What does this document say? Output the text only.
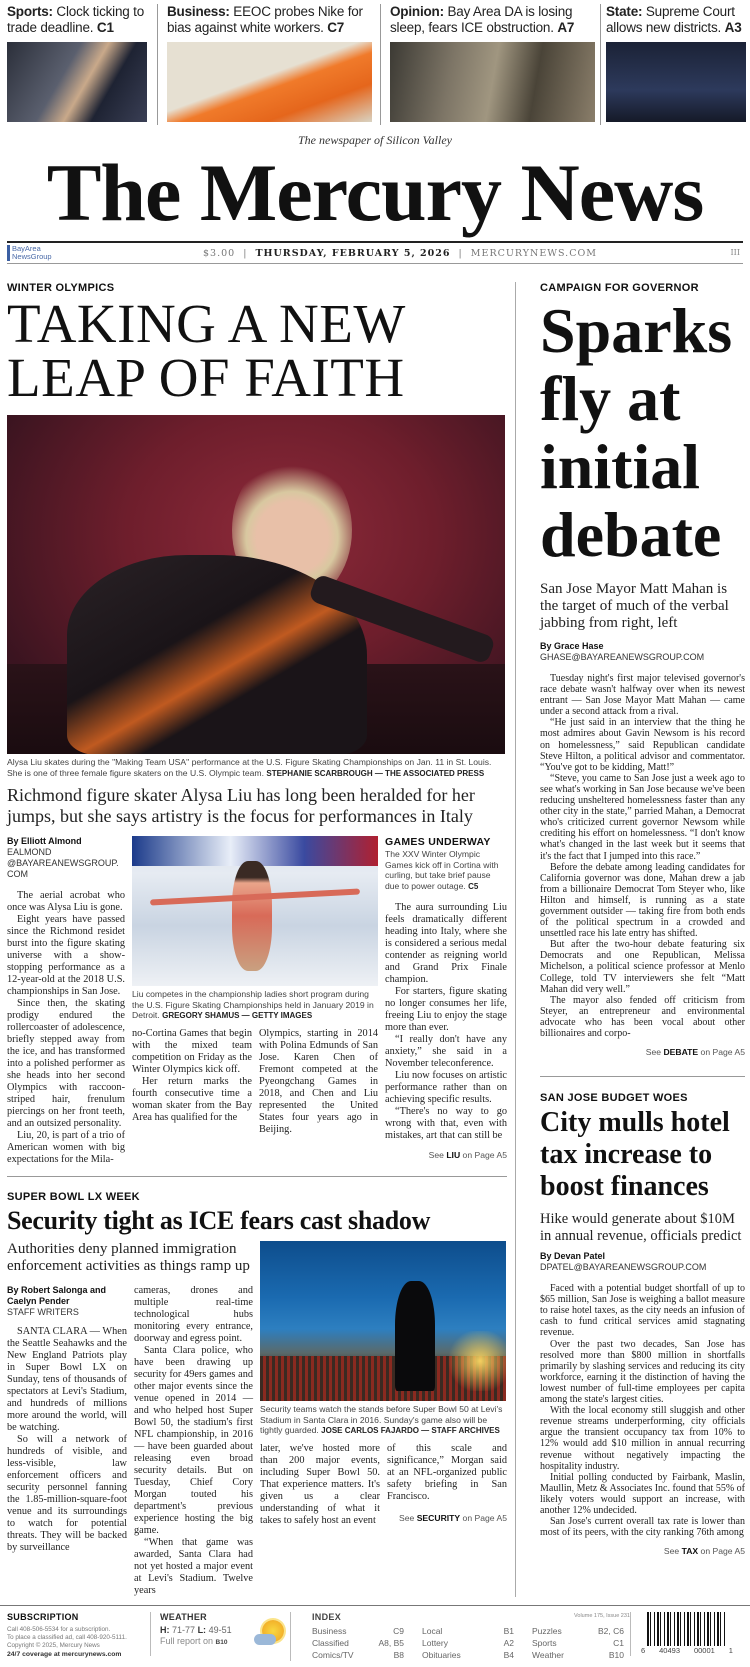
Sports: Clock ticking to trade deadline. C1
Business: EEOC probes Nike for bias against white workers. C7
Opinion: Bay Area DA is losing sleep, fears ICE obstruction. A7
State: Supreme Court allows new districts. A3
The newspaper of Silicon Valley
The Mercury News
BayArea NewsGroup	$3.00  |  THURSDAY, FEBRUARY 5, 2026  |  MERCURYNEWS.COM	III
WINTER OLYMPICS
TAKING A NEW LEAP OF FAITH
Alysa Liu skates during the "Making Team USA" performance at the U.S. Figure Skating Championships on Jan. 11 in St. Louis. She is one of three female figure skaters on the U.S. Olympic team. STEPHANIE SCARBROUGH — THE ASSOCIATED PRESS
Richmond figure skater Alysa Liu has long been heralded for her jumps, but she says artistry is the focus for performances in Italy
By Elliott Almond
EALMOND @BAYAREANEWSGROUP. COM

The aerial acrobat who once was Alysa Liu is gone.

Eight years have passed since the Richmond residet burst into the figure skating universe with a show-stopping performance as a 12-year-old at the 2018 U.S. championships in San Jose.

Since then, the skating prodigy endured the rollercoaster of adolescence, briefly stepped away from the ice, and has transformed into a polished performer as she heads into her second Olympics with raccoon-striped hair, frenulum piercings on her front teeth, and an outsized personality.

Liu, 20, is part of a trio of American women with big expectations for the Mila-

Liu competes in the championship ladies short program during the U.S. Figure Skating Championships held in January 2019 in Detroit. GREGORY SHAMUS — GETTY IMAGES

no-Cortina Games that begin with the mixed team competition on Friday as the Winter Olympics kick off.

Her return marks the fourth consecutive time a woman skater from the Bay Area has qualified for the

Olympics, starting in 2014 with Polina Edmunds of San Jose. Karen Chen of Fremont competed at the Pyeongchang Games in 2018, and Chen and Liu represented the United States four years ago in Beijing.

GAMES UNDERWAY
The XXV Winter Olympic Games kick off in Cortina with curling, but take brief pause due to power outage. C5

The aura surrounding Liu feels dramatically different heading into Italy, where she is considered a serious medal contender as reigning world and Grand Prix Finale champion.

For starters, figure skating no longer consumes her life, freeing Liu to enjoy the stage more than ever.

“I really don't have any anxiety,” she said in a November teleconference.

Liu now focuses on artistic performance rather than on achieving specific results.

“There's no way to go wrong with that, even with mistakes, art that can still be

See LIU on Page A5
SUPER BOWL LX WEEK
Security tight as ICE fears cast shadow
Authorities deny planned immigration enforcement activities as things ramp up
By Robert Salonga and Caelyn Pender
STAFF WRITERS

SANTA CLARA — When the Seattle Seahawks and the New England Patriots play in Super Bowl LX on Sunday, tens of thousands of spectators at Levi's Stadium, and hundreds of millions more around the world, will be watching.

So will a network of hundreds of visible, and less-visible, law enforcement officers and security personnel fanning the 1.85-million-square-foot venue and its surroundings to watch for potential threats. They will be backed by surveillance

cameras, drones and multiple real-time technological hubs monitoring every entrance, doorway and egress point.

Santa Clara police, who have been drawing up security for 49ers games and other major events since the venue opened in 2014 — and who helped host Super Bowl 50, the stadium's first NFL championship, in 2016 — have been guarded about releasing even broad security details. But on Tuesday, Chief Cory Morgan touted his department's previous experience hosting the big game.

“When that game was awarded, Santa Clara had not yet hosted a major event at Levi's Stadium. Twelve years

Security teams watch the stands before Super Bowl 50 at Levi's Stadium in Santa Clara in 2016. Sunday's game also will be tightly guarded. JOSE CARLOS FAJARDO — STAFF ARCHIVES

later, we've hosted more than 200 major events, including Super Bowl 50. That experience matters. It's given us a clear understanding of what it takes to safely host an event

of this scale and significance,” Morgan said at an NFL-organized public safety briefing in San Francisco.

See SECURITY on Page A5
CAMPAIGN FOR GOVERNOR
Sparks fly at initial debate
San Jose Mayor Matt Mahan is the target of much of the verbal jabbing from right, left
By Grace Hase
GHASE@BAYAREANEWSGROUP.COM

Tuesday night's first major televised governor's race debate wasn't halfway over when its newest entrant — San Jose Mayor Matt Mahan — came under a second attack from a rival.

“He just said in an interview that the thing he most admires about Gavin Newsom is his record on homelessness,” said Republican candidate Steve Hilton, a political advisor and commentator. “You've got to be kidding, Matt!”

“Steve, you came to San Jose just a week ago to see what's working in San Jose because we've been reducing unsheltered homelessness faster than any other city in the state,” parried Mahan, a Democrat who's criticized current governor Newsom while crediting his effort on homelessness. “I don't know what's changed in the last week but it seems that it's the fact that I jumped into this race.”

Before the debate among leading candidates for California governor was done, Mahan drew a jab from a billionaire Democrat Tom Steyer who, like Hilton and himself, is running as a state government outsider — taking fire from both ends of the political spectrum in a crowded and unsettled race his late entry has shifted.

But after the two-hour debate featuring six Democrats and one Republican, Melissa Michelson, a political science professor at Menlo College, told TV interviewers she felt “Matt Mahan did very well.”

The mayor also fended off criticism from Steyer, an entrepreneur and environmental advocate who has been vocal about other billionaires and corpo-

See DEBATE on Page A5
SAN JOSE BUDGET WOES
City mulls hotel tax increase to boost finances
Hike would generate about $10M in annual revenue, officials predict
By Devan Patel
DPATEL@BAYAREANEWSGROUP.COM

Faced with a potential budget shortfall of up to $65 million, San Jose is weighing a ballot measure to raise hotel taxes, as the city needs an infusion of cash to fund critical services amid stagnating revenue.

Over the past two decades, San Jose has resolved more than $800 million in shortfalls primarily by slashing services and reducing its city workforce, earning it the distinction of having the lowest number of full-time employees per capita among the state's largest cities.

With the local economy still sluggish and other revenue streams underperforming, city officials argue the transient occupancy tax from 10% to 12% would add $10 million in annual recurring revenue without negatively impacting the hospitality industry.

Initial polling conducted by Fairbank, Maslin, Maullin, Metz & Associates Inc. found that 55% of likely voters would support an increase, with another 12% undecided.

San Jose's current overall tax rate is lower than most of its peers, with the city ranking 76th among

See TAX on Page A5
SUBSCRIPTION
Call 408-506-5534 for a subscription.
To place a classified ad, call 408-920-5111.
Copyright © 2025, Mercury News
24/7 coverage at mercurynews.com
WEATHER
H: 71-77 L: 49-51
Full report on B10
INDEX	Volume 175, Issue 231
Business	C9
Classified	A8, B5
Comics/TV	B8
Local	B1
Lottery	A2
Obituaries	B4
Puzzles	B2, C6
Sports	C1
Weather	B10 6 40493 00001 1
